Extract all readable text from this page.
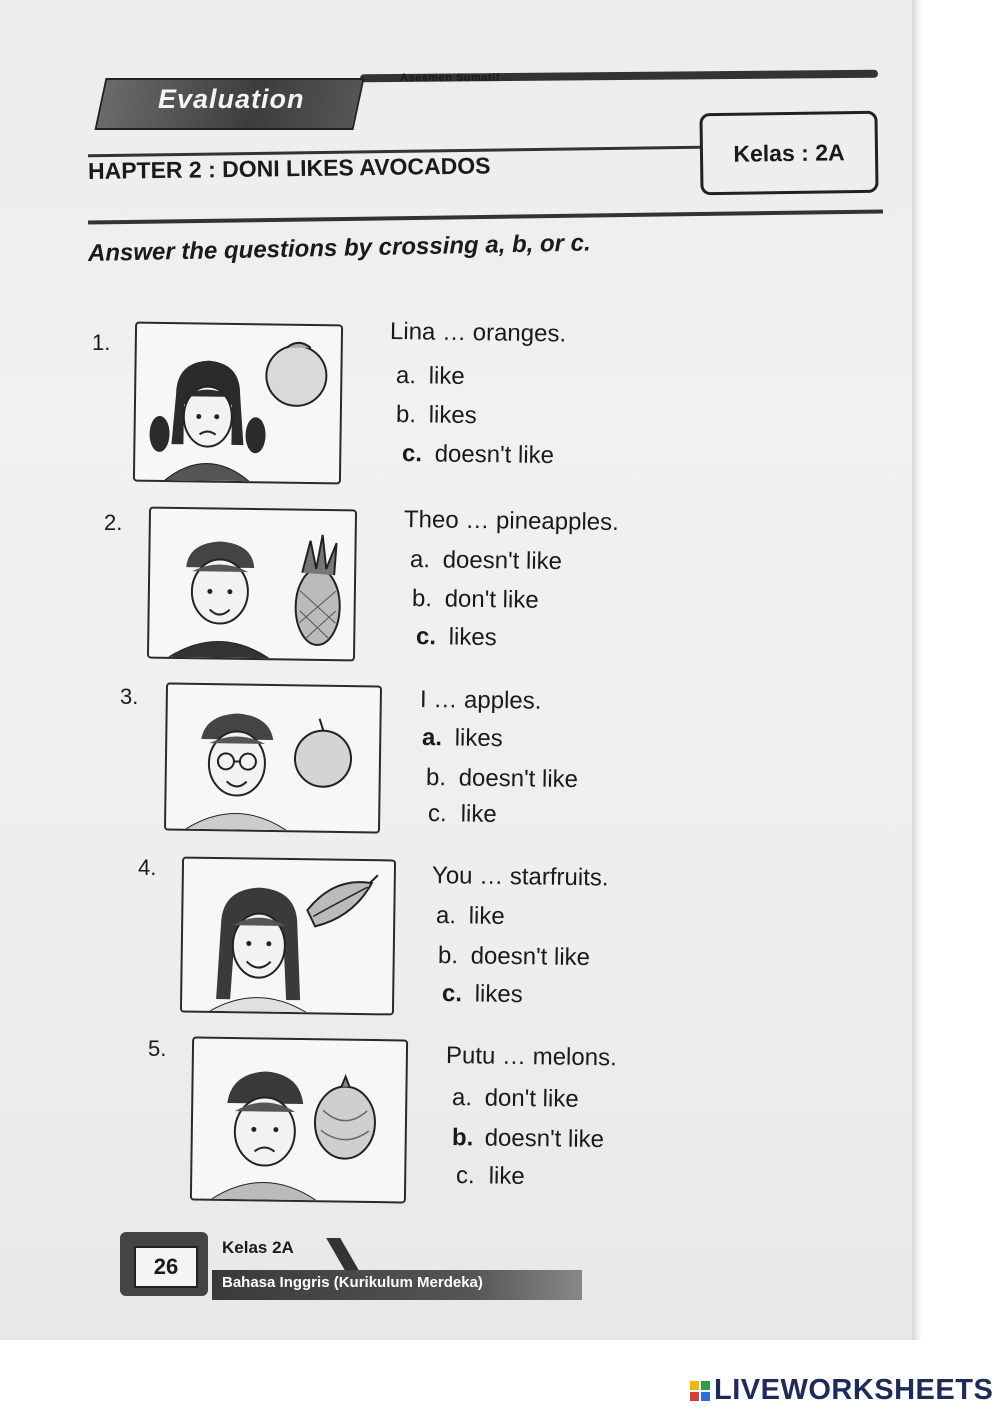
Evaluation
Asesmen Sumatif
HAPTER 2 : DONI LIKES AVOCADOS	Kelas : 2A
Answer the questions by crossing a, b, or c.
1.	Lina … oranges.
a. like
b. likes
c. doesn't like
2.	Theo … pineapples.
a. doesn't like
b. don't like
c. likes
3.	I … apples.
a. likes
b. doesn't like
c. like
4.	You … starfruits.
a. like
b. doesn't like
c. likes
5.	Putu … melons.
a. don't like
b. doesn't like
c. like
26
Kelas 2A
Bahasa Inggris (Kurikulum Merdeka)
LIVEWORKSHEETS
